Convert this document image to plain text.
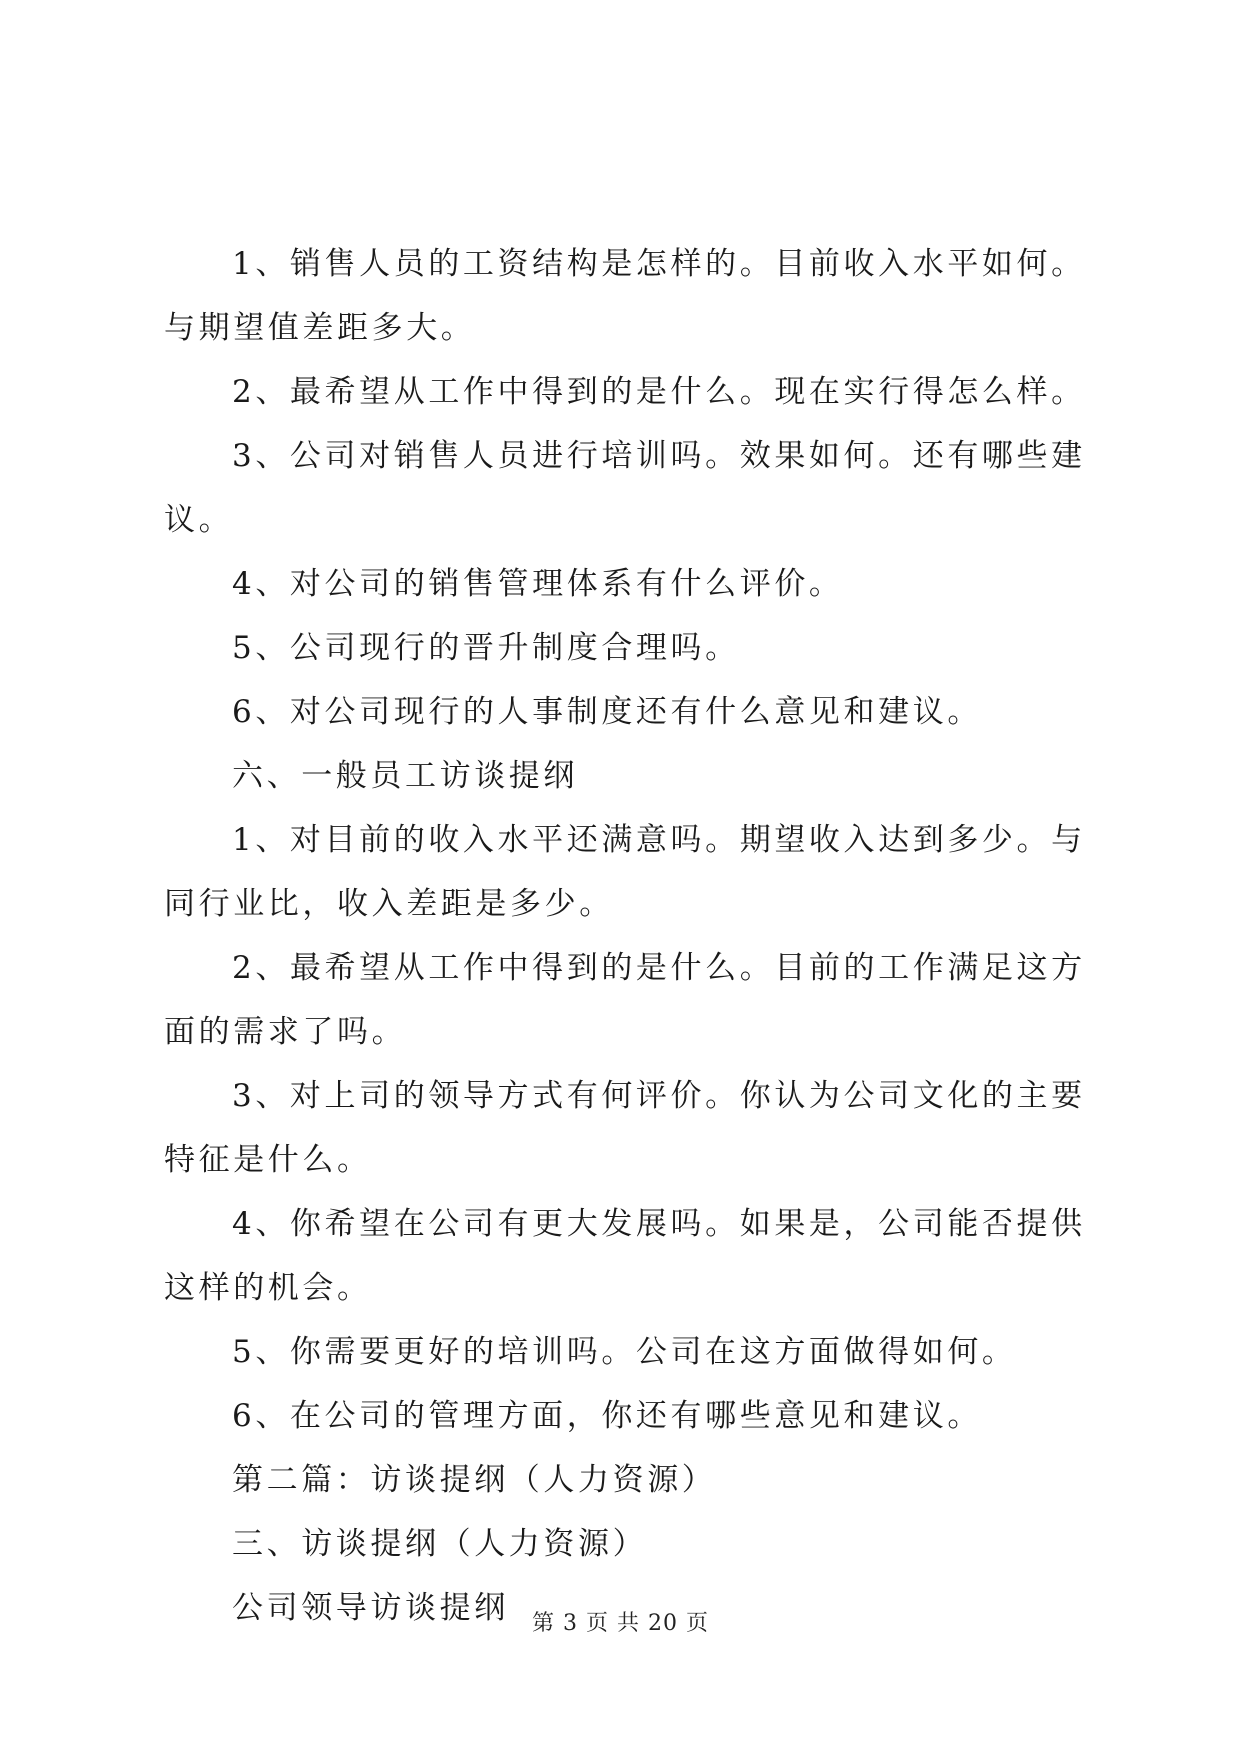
1、销售人员的工资结构是怎样的。目前收入水平如何。与期望值差距多大。

2、最希望从工作中得到的是什么。现在实行得怎么样。

3、公司对销售人员进行培训吗。效果如何。还有哪些建议。

4、对公司的销售管理体系有什么评价。

5、公司现行的晋升制度合理吗。

6、对公司现行的人事制度还有什么意见和建议。

六、一般员工访谈提纲

1、对目前的收入水平还满意吗。期望收入达到多少。与同行业比，收入差距是多少。

2、最希望从工作中得到的是什么。目前的工作满足这方面的需求了吗。

3、对上司的领导方式有何评价。你认为公司文化的主要特征是什么。

4、你希望在公司有更大发展吗。如果是，公司能否提供这样的机会。

5、你需要更好的培训吗。公司在这方面做得如何。

6、在公司的管理方面，你还有哪些意见和建议。

第二篇：访谈提纲（人力资源）

三、访谈提纲（人力资源）

公司领导访谈提纲	第 3 页 共 20 页
